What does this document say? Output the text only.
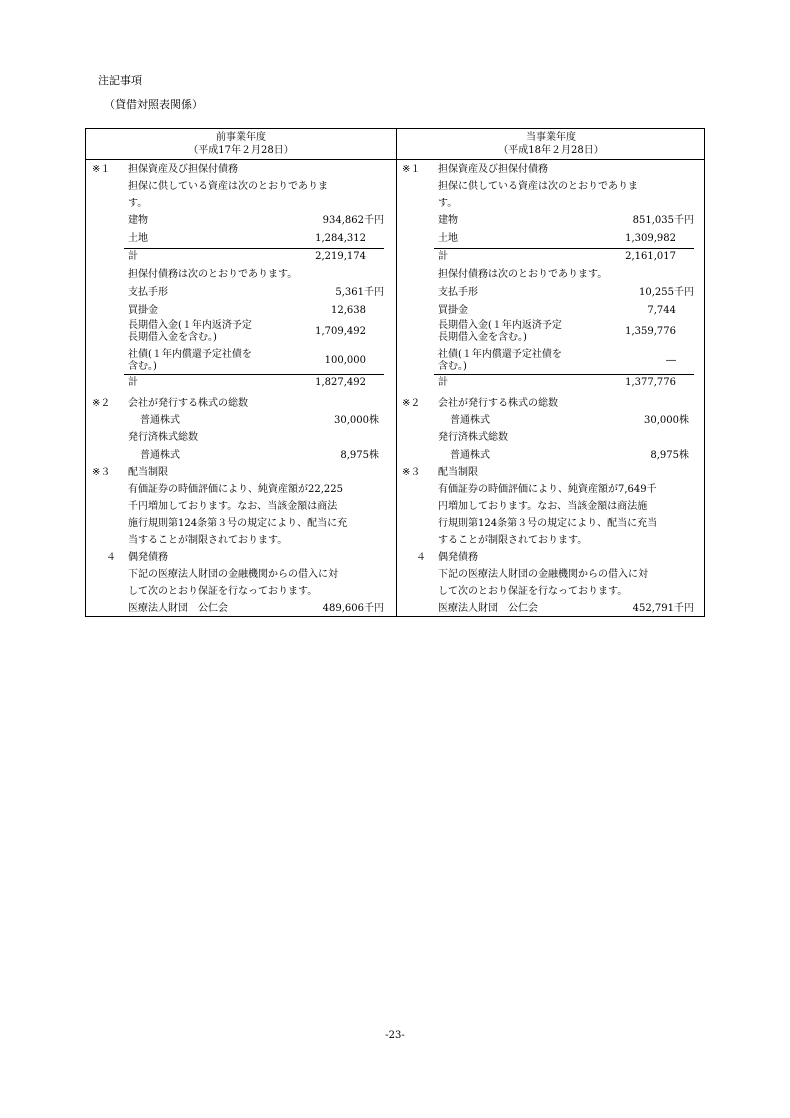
注記事項
（貸借対照表関係）
前事業年度
（平成17年２月28日）
※１ 担保資産及び担保付債務
担保に供している資産は次のとおりでありま
す。
建物	934,862千円
土地	1,284,312
計	2,219,174
担保付債務は次のとおりであります。
支払手形	5,361千円
買掛金	12,638
長期借入金(１年内返済予定
長期借入金を含む。)
1,709,492
社債(１年内償還予定社債を
含む。)
100,000
計	1,827,492
※２ 会社が発行する株式の総数
普通株式	30,000株
発行済株式総数
普通株式	8,975株
※３ 配当制限
有価証券の時価評価により、純資産額が22,225
千円増加しております。なお、当該金額は商法
施行規則第124条第３号の規定により、配当に充
当することが制限されております。
４ 偶発債務
下記の医療法人財団の金融機関からの借入に対
して次のとおり保証を行なっております。
医療法人財団　公仁会	489,606千円
当事業年度
（平成18年２月28日）
※１ 担保資産及び担保付債務
担保に供している資産は次のとおりでありま
す。
建物	851,035千円
土地	1,309,982
計	2,161,017
担保付債務は次のとおりであります。
支払手形	10,255千円
買掛金	7,744
長期借入金(１年内返済予定
長期借入金を含む。)
1,359,776
社債(１年内償還予定社債を
含む。)
―
計	1,377,776
※２ 会社が発行する株式の総数
普通株式	30,000株
発行済株式総数
普通株式	8,975株
※３ 配当制限
有価証券の時価評価により、純資産額が7,649千
円増加しております。なお、当該金額は商法施
行規則第124条第３号の規定により、配当に充当
することが制限されております。
４ 偶発債務
下記の医療法人財団の金融機関からの借入に対
して次のとおり保証を行なっております。
医療法人財団　公仁会	452,791千円
-23-
